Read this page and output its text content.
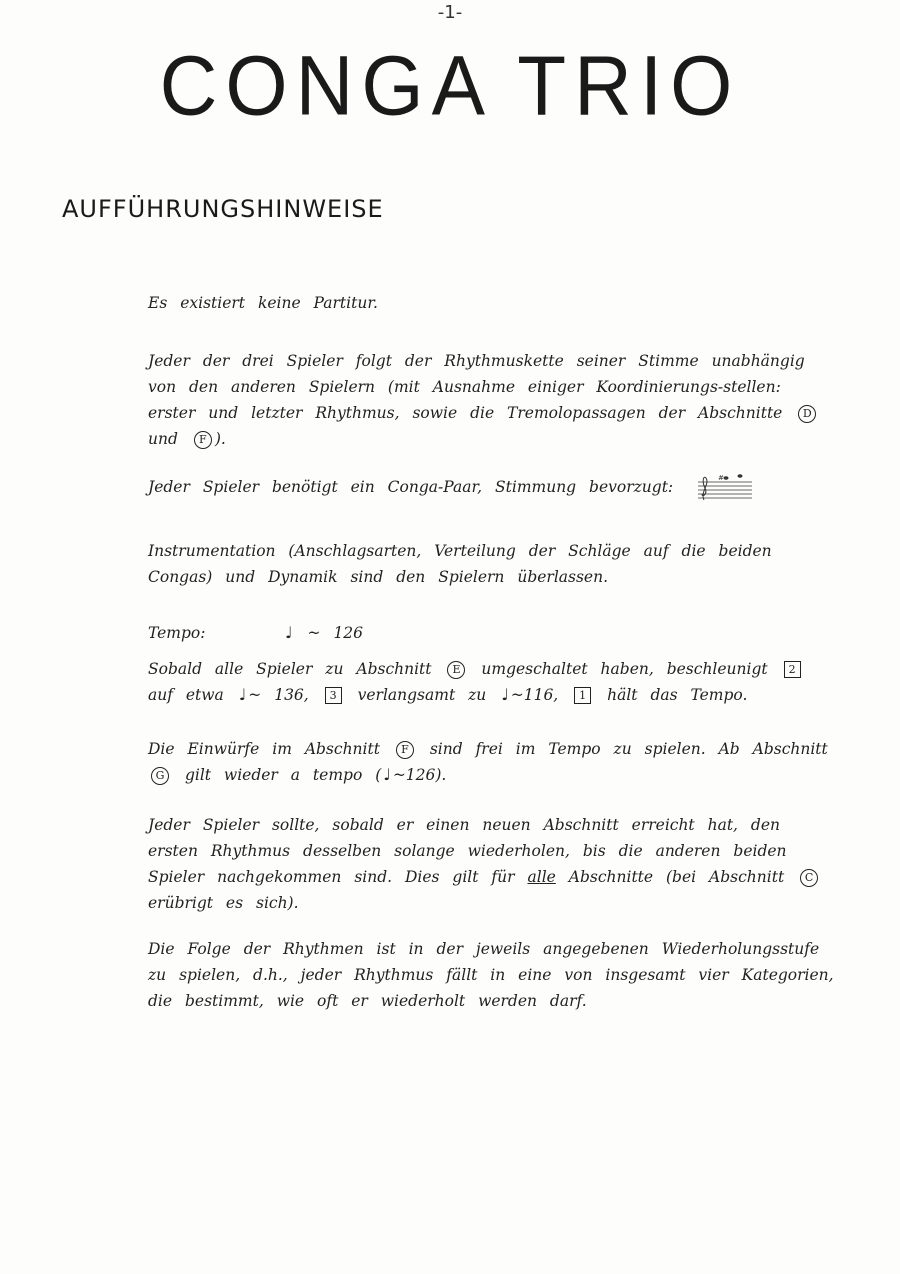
-1-
CONGA TRIO
AUFFÜHRUNGSHINWEISE

Es existiert keine Partitur.

Jeder der drei Spieler folgt der Rhythmuskette seiner Stimme unabhängig von den anderen Spielern (mit Ausnahme einiger Koordinierungs-stellen: erster und letzter Rhythmus, sowie die Tremolopassagen der Abschnitte D und F ).

Jeder Spieler benötigt ein Conga-Paar, Stimmung bevorzugt:	#

Instrumentation (Anschlagsarten, Verteilung der Schläge auf die beiden Congas) und Dynamik sind den Spielern überlassen.

Tempo:	♩ ~ 126

Sobald alle Spieler zu Abschnitt E umgeschaltet haben, beschleunigt 2 auf etwa ♩ ~ 136, 3 verlangsamt zu ♩ ~116, 1 hält das Tempo.

Die Einwürfe im Abschnitt F sind frei im Tempo zu spielen. Ab Abschnitt G gilt wieder a tempo ( ♩ ~126).

Jeder Spieler sollte, sobald er einen neuen Abschnitt erreicht hat, den ersten Rhythmus desselben solange wiederholen, bis die anderen beiden Spieler nachgekommen sind. Dies gilt für alle Abschnitte (bei Abschnitt C erübrigt es sich).

Die Folge der Rhythmen ist in der jeweils angegebenen Wiederholungsstufe zu spielen, d.h., jeder Rhythmus fällt in eine von insgesamt vier Kategorien, die bestimmt, wie oft er wiederholt werden darf.
